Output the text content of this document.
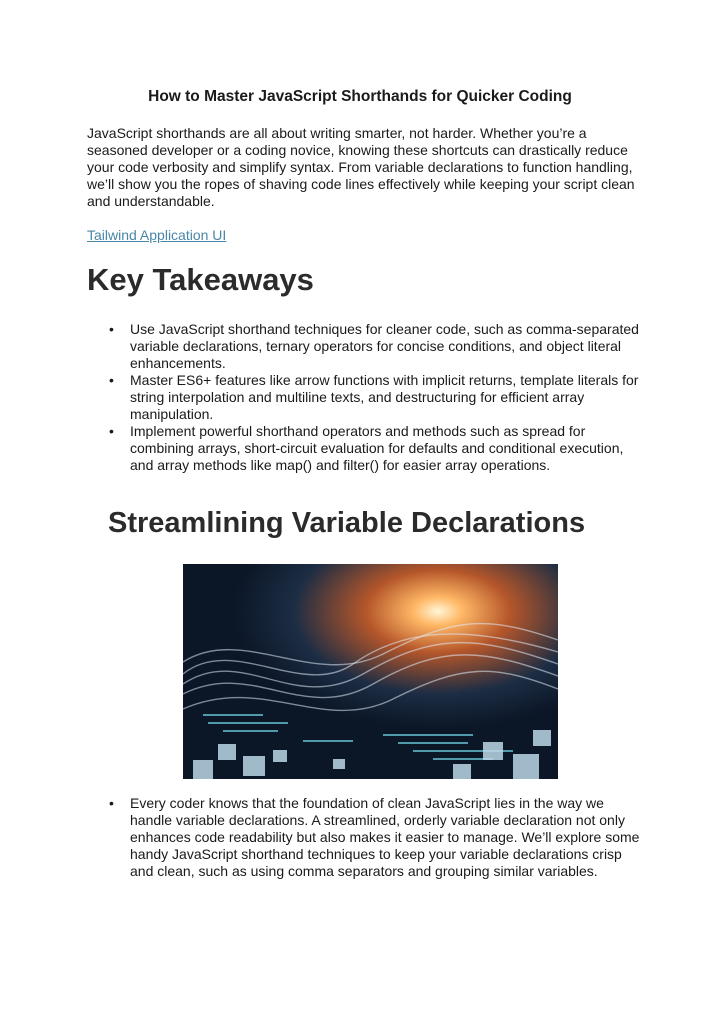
How to Master JavaScript Shorthands for Quicker Coding

JavaScript shorthands are all about writing smarter, not harder. Whether you’re a seasoned developer or a coding novice, knowing these shortcuts can drastically reduce your code verbosity and simplify syntax. From variable declarations to function handling, we’ll show you the ropes of shaving code lines effectively while keeping your script clean and understandable.

Tailwind Application UI
Key Takeaways
• Use JavaScript shorthand techniques for cleaner code, such as comma-separated variable declarations, ternary operators for concise conditions, and object literal enhancements.
• Master ES6+ features like arrow functions with implicit returns, template literals for string interpolation and multiline texts, and destructuring for efficient array manipulation.
• Implement powerful shorthand operators and methods such as spread for combining arrays, short-circuit evaluation for defaults and conditional execution, and array methods like map() and filter() for easier array operations.
Streamlining Variable Declarations
• Every coder knows that the foundation of clean JavaScript lies in the way we handle variable declarations. A streamlined, orderly variable declaration not only enhances code readability but also makes it easier to manage. We’ll explore some handy JavaScript shorthand techniques to keep your variable declarations crisp and clean, such as using comma separators and grouping similar variables.
